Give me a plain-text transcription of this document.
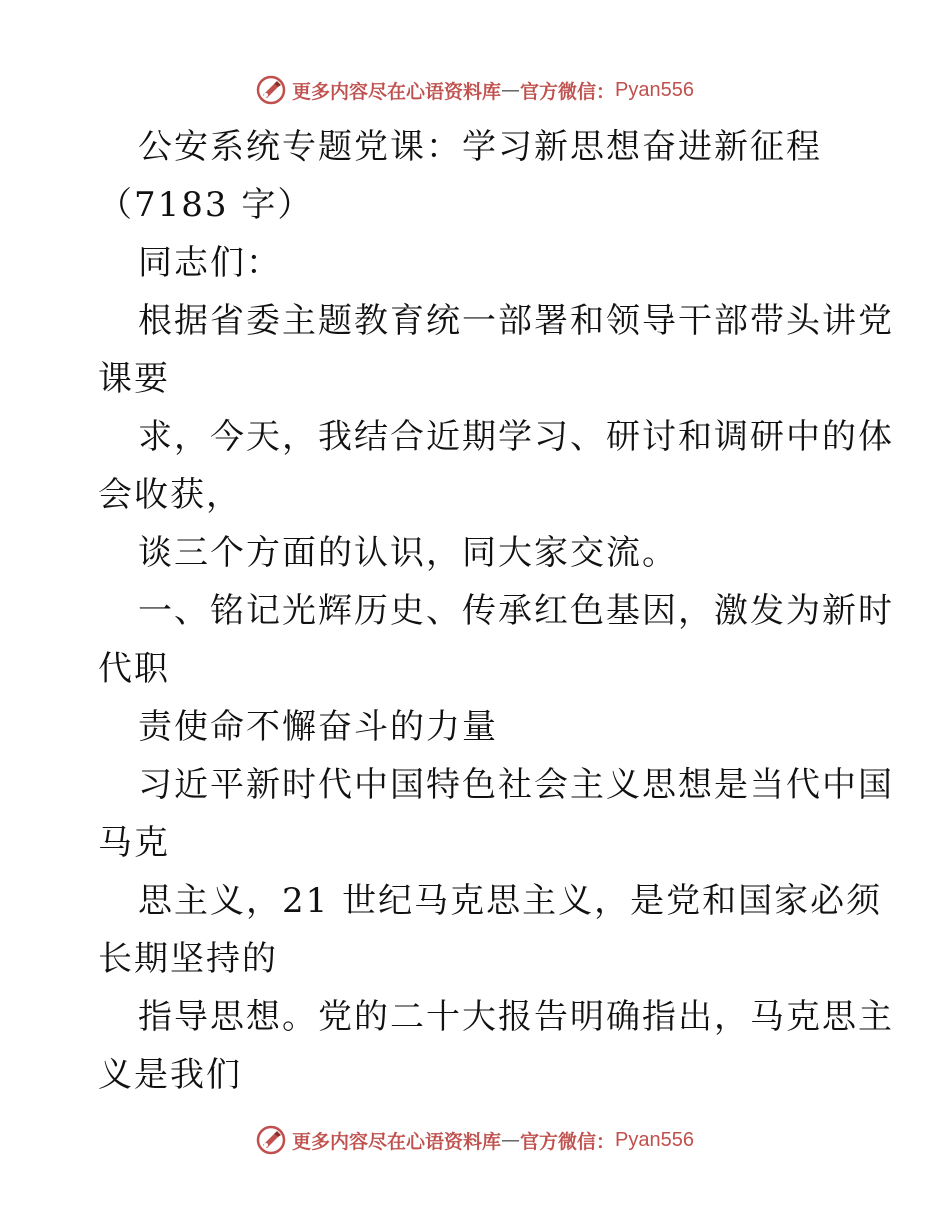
更多内容尽在心语资料库 — 官方微信： Pyan556
公安系统专题党课：学习新思想奋进新征程
（7183 字）
同志们：
根据省委主题教育统一部署和领导干部带头讲党
课要
求，今天，我结合近期学习、研讨和调研中的体
会收获，
谈三个方面的认识，同大家交流。
一、铭记光辉历史、传承红色基因，激发为新时
代职
责使命不懈奋斗的力量
习近平新时代中国特色社会主义思想是当代中国
马克
思主义，21 世纪马克思主义，是党和国家必须
长期坚持的
指导思想。党的二十大报告明确指出，马克思主
义是我们
更多内容尽在心语资料库 — 官方微信： Pyan556
